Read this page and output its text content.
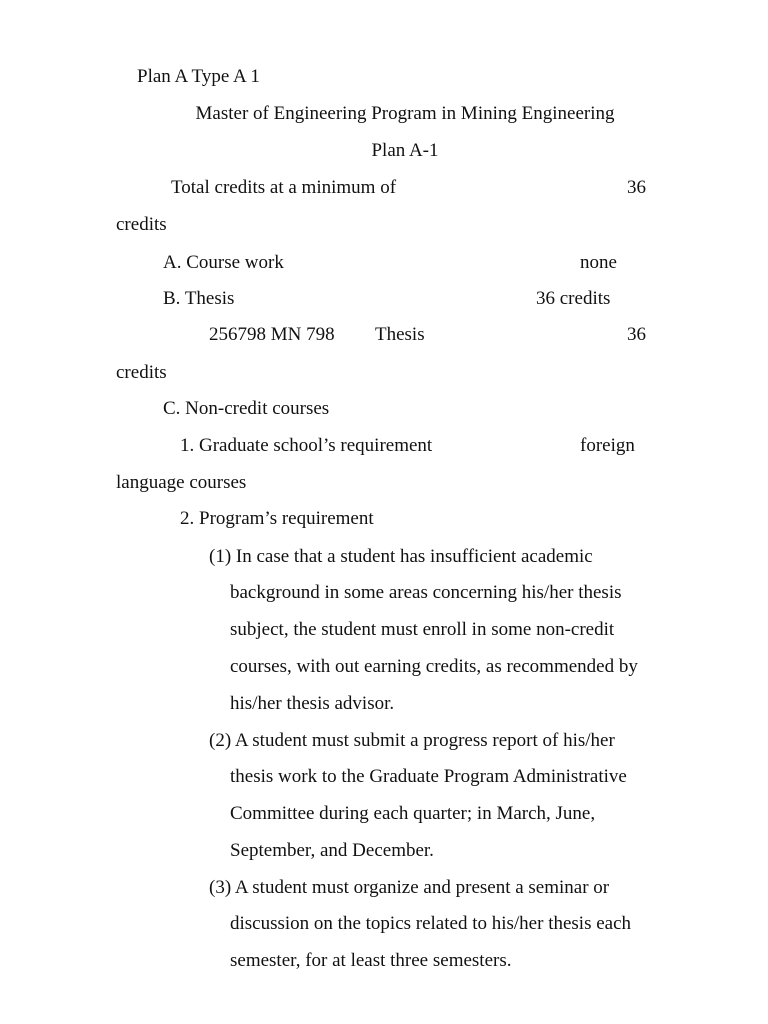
Plan A Type A 1
Master of Engineering Program in Mining Engineering
Plan A-1
Total credits at a minimum of	36
credits
A. Course work	none
B. Thesis	36 credits
256798 MN 798 Thesis	36
credits
C. Non-credit courses
1. Graduate school’s requirement	foreign
language courses
2. Program’s requirement
(1) In case that a student has insufficient academic
background in some areas concerning his/her thesis
subject, the student must enroll in some non-credit
courses, with out earning credits, as recommended by
his/her thesis advisor.
(2) A student must submit a progress report of his/her
thesis work to the Graduate Program Administrative
Committee during each quarter; in March, June,
September, and December.
(3) A student must organize and present a seminar or
discussion on the topics related to his/her thesis each
semester, for at least three semesters.
